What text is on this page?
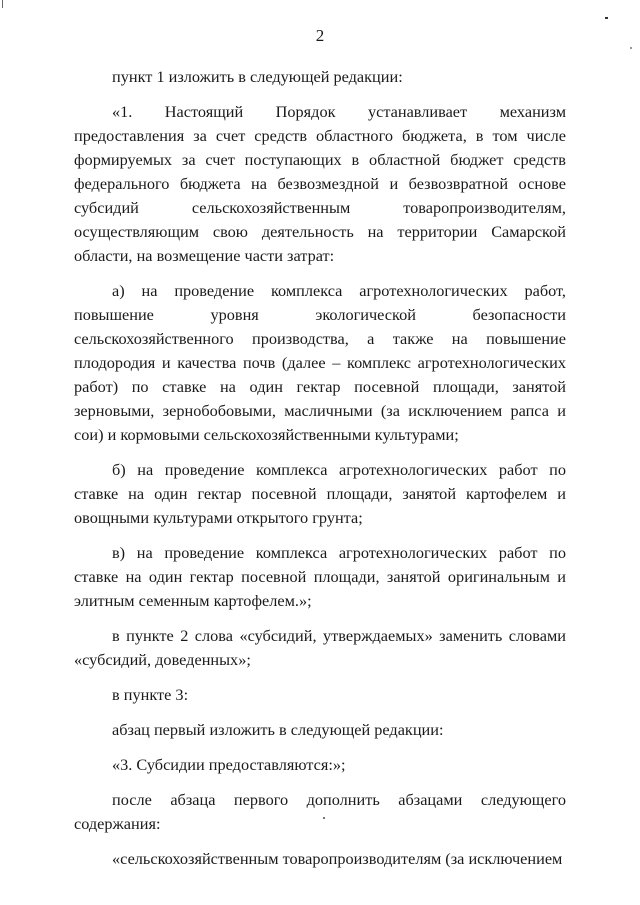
2

пункт 1 изложить в следующей редакции:

«1. Настоящий Порядок устанавливает механизм предоставления за счет средств областного бюджета, в том числе формируемых за счет поступающих в областной бюджет средств федерального бюджета на безвозмездной и безвозвратной основе субсидий сельскохозяйственным товаропроизводителям, осуществляющим свою деятельность на территории Самарской области, на возмещение части затрат:

а) на проведение комплекса агротехнологических работ, повышение уровня экологической безопасности сельскохозяйственного производства, а также на повышение плодородия и качества почв (далее – комплекс агротехнологических работ) по ставке на один гектар посевной площади, занятой зерновыми, зернобобовыми, масличными (за исключением рапса и сои) и кормовыми сельскохозяйственными культурами;

б) на проведение комплекса агротехнологических работ по ставке на один гектар посевной площади, занятой картофелем и овощными культурами открытого грунта;

в) на проведение комплекса агротехнологических работ по ставке на один гектар посевной площади, занятой оригинальным и элитным семенным картофелем.»;

в пункте 2 слова «субсидий, утверждаемых» заменить словами «субсидий, доведенных»;

в пункте 3:

абзац первый изложить в следующей редакции:

«3. Субсидии предоставляются:»;

после абзаца первого дополнить абзацами следующего содержания:

«сельскохозяйственным товаропроизводителям (за исключением
